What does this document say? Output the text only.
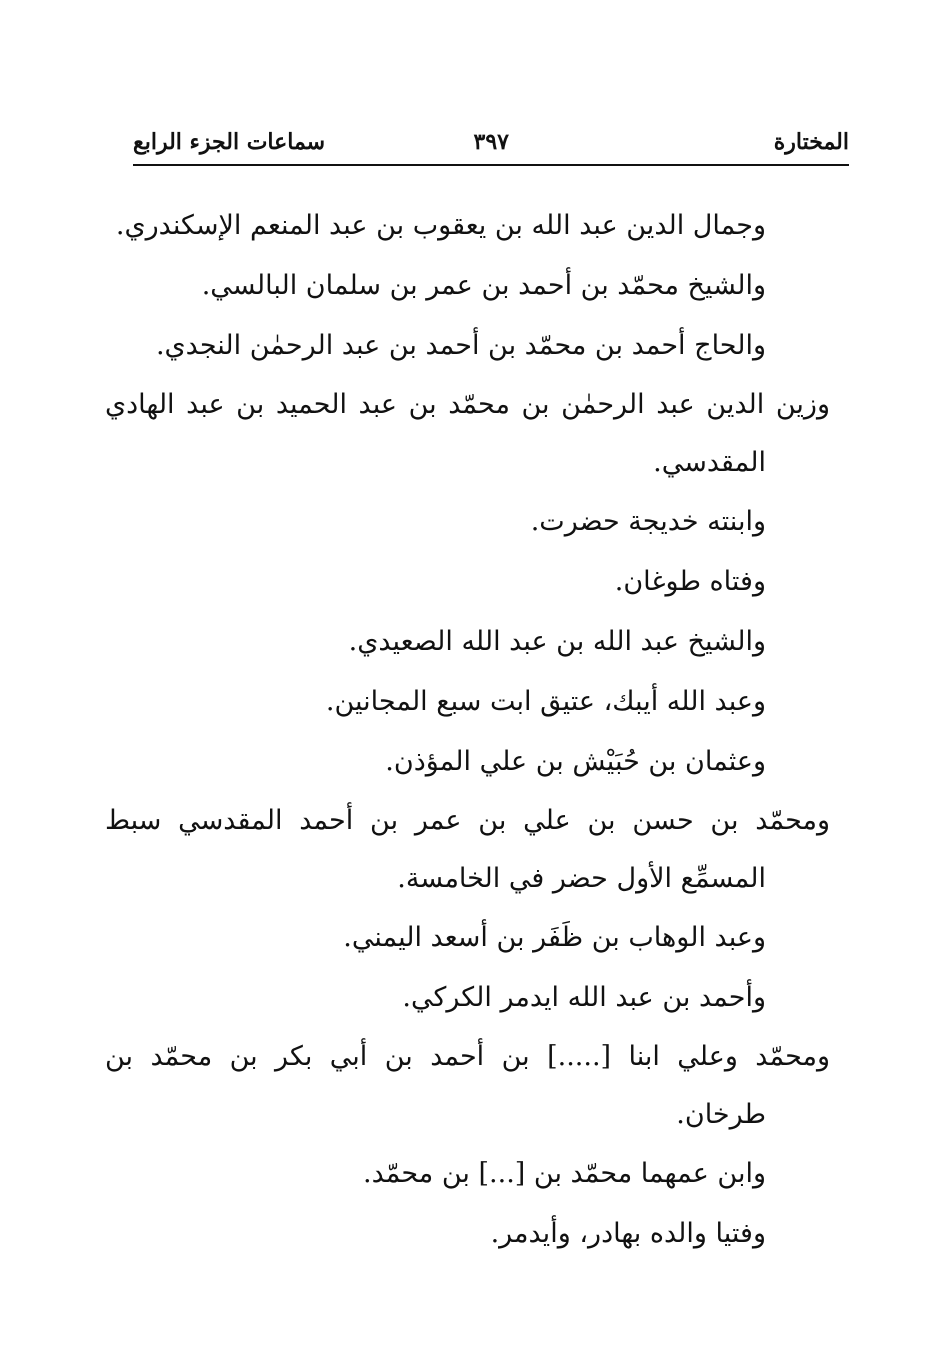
المختارة
٣٩٧
سماعات الجزء الرابع

وجمال الدين عبد الله بن يعقوب بن عبد المنعم الإسكندري.

والشيخ محمّد بن أحمد بن عمر بن سلمان البالسي.

والحاج أحمد بن محمّد بن أحمد بن عبد الرحمٰن النجدي.

وزين الدين عبد الرحمٰن بن محمّد بن عبد الحميد بن عبد الهادي المقدسي.

وابنته خديجة حضرت.

وفتاه طوغان.

والشيخ عبد الله بن عبد الله الصعيدي.

وعبد الله أيبك، عتيق ابت سبع المجانين.

وعثمان بن حُبَيْش بن علي المؤذن.

ومحمّد بن حسن بن علي بن عمر بن أحمد المقدسي سبط المسمِّع الأول حضر في الخامسة.

وعبد الوهاب بن ظَفَر بن أسعد اليمني.

وأحمد بن عبد الله ايدمر الكركي.

ومحمّد وعلي ابنا [.....] بن أحمد بن أبي بكر بن محمّد بن طرخان.

وابن عمهما محمّد بن [...] بن محمّد.

وفتيا والده بهادر، وأيدمر.
